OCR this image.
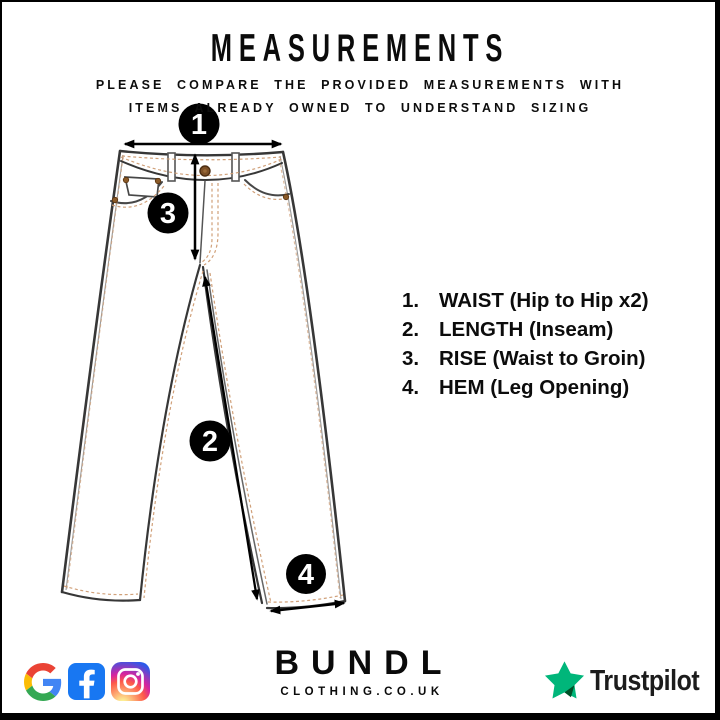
MEASUREMENTS

PLEASE COMPARE THE PROVIDED MEASUREMENTS WITH
ITEMS ALREADY OWNED TO UNDERSTAND SIZING

1
3
2
4
1. WAIST (Hip to Hip x2)
2. LENGTH (Inseam)
3. RISE (Waist to Groin)
4. HEM (Leg Opening)
BUNDL

CLOTHING.CO.UK	Trustpilot
